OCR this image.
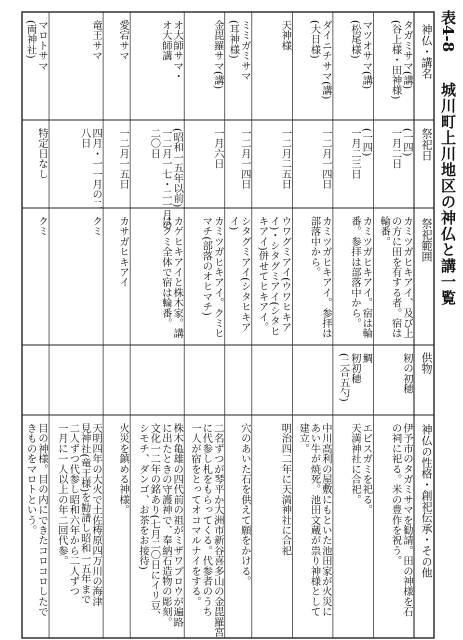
表4-8
城川町上川地区の神仏と講一覧
神仏・講名
祭祀日
祭祀範囲
供物
神仏の性格・創祀伝承・その他
タガミサマ(講)
(谷上様・田神様)
(一四)
一月二日
カミツガヒキアイ、及び上
の方に田を有する者。宿は
輪番。
籾の初穂
伊予市のタガミサマを勧請。田の神様を石
の祠に祀る。米の豊作を祝う。
マツオサマ(講)
(松尾様)
(一四)
一月二三日
カミツガヒキアイ。宿は輪
番。参拝は部落中から。
鯛
籾初穂
(二合五勺)
エビスガミを祀る。
天満神社に合祀。
ダイニチサマ(講)
(大日様)
一二月一四日
カミツガヒキアイ。参拝は
部落中から。
中川高利の屋敷にもといた池田家が火災に
あい牛が焼死。池田文蔵が祟り神様として
建立。
天神様
一二月二五日
ウワグミアイ(ウワヒキア
イ)・シタグミアイ(シタヒ
キアイ)併せてヒキアイ。
明治四二年に天満神社に合祀
ミミガミサマ
(耳神様)
一二月一四日
シタグミアイ(シタヒキア
イ)
穴のあいた石を供えて願をかける。
金毘羅サマ(講)
一月六日
カミツガヒキアイ。クミヒ
マチ(部落のオヒマチ)
二名ずつが琴平か大洲市新谷喜多山の金毘羅宮
に代参し札をもらってくる。代参者のうち
一人が宿をとってオコマルナイをする。
オ大師サマ・
オ大師講
(昭和一五年以前)
一二月一七・二一月の
二〇日
カゲヒキアイと株木家。講
はクミ全体で宿は輪番。
株木亀雄の四代前の祖がミザワブロウが遍路
に出たときの守護神で、奉納石造物の彫刻。
文化一二年の銘あり(七月二〇日にイリ豆、
シモチ、ダンゴ、お茶をお接待)
愛宕サマ
一二月一五日
カサガヒキアイ
火災を鎮める神様。
竜王サマ
四月・一一月の二
八日
クミ
天明四年の大火で土佐梼原四万川の海津
見神社(竜王様)を勧請し昭和一五年まで
二人ずつ代参し昭和六年から二人ずつ
一月に一人以上の年二回代参。
マロトサマ
(両神社)
特定日なし
クミ
目の神様。目の内にできたコロコロしたで
きものをマロトという。
